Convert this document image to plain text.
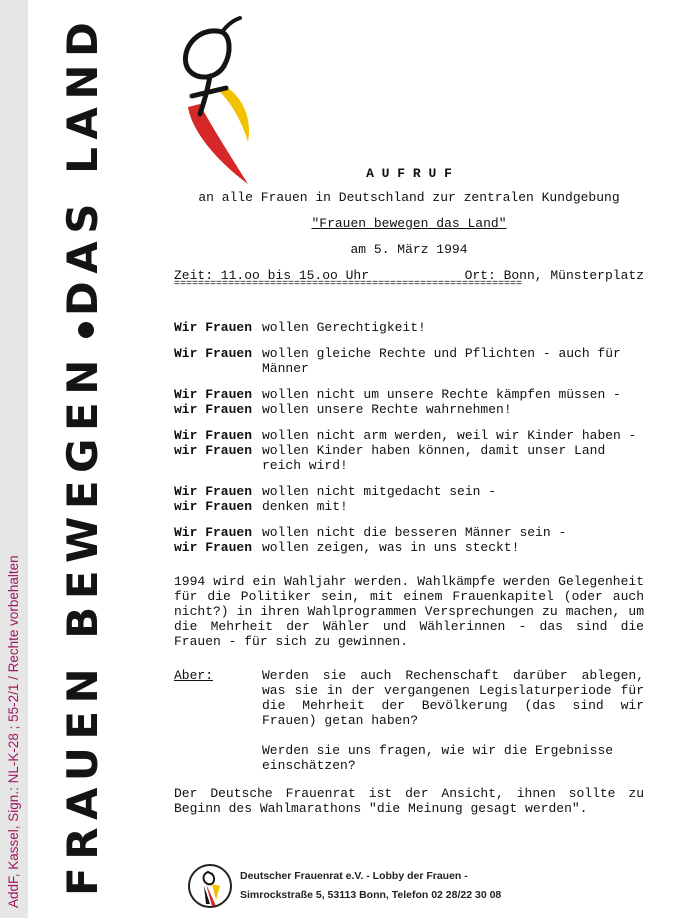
AddF, Kassel, Sign.: NL-K-28 ; 55-2/1 / Rechte vorbehalten FRAUEN BEWEGENDAS LAND	A U F R U F
an alle Frauen in Deutschland zur zentralen Kundgebung
"Frauen bewegen das Land"
am 5. März 1994
Zeit: 11.oo bis 15.oo Uhr	Ort: Bonn, Münsterplatz
==========================================================
Wir Frauen wollen Gerechtigkeit!
Wir Frauen wollen gleiche Rechte und Pflichten - auch für Männer
Wir Frauen wollen nicht um unsere Rechte kämpfen müssen -
wir Frauen wollen unsere Rechte wahrnehmen!
Wir Frauen wollen nicht arm werden, weil wir Kinder haben -
wir Frauen wollen Kinder haben können, damit unser Land reich wird!
Wir Frauen wollen nicht mitgedacht sein -
wir Frauen denken mit!
Wir Frauen wollen nicht die besseren Männer sein -
wir Frauen wollen zeigen, was in uns steckt!
1994 wird ein Wahljahr werden. Wahlkämpfe werden Gelegenheit für die Politiker sein, mit einem Frauenkapitel (oder auch nicht?) in ihren Wahlprogrammen Versprechungen zu machen, um die Mehrheit der Wähler und Wählerinnen - das sind die Frauen - für sich zu gewinnen.
Aber:	Werden sie auch Rechenschaft darüber ablegen, was sie in der vergangenen Legislaturperiode für die Mehrheit der Bevölkerung (das sind wir Frauen) getan haben?
Werden sie uns fragen, wie wir die Ergebnisse einschätzen?
Der Deutsche Frauenrat ist der Ansicht, ihnen sollte zu Beginn des Wahlmarathons "die Meinung gesagt werden".
Deutscher Frauenrat e.V. - Lobby der Frauen -
Simrockstraße 5, 53113 Bonn, Telefon 02 28/22 30 08
